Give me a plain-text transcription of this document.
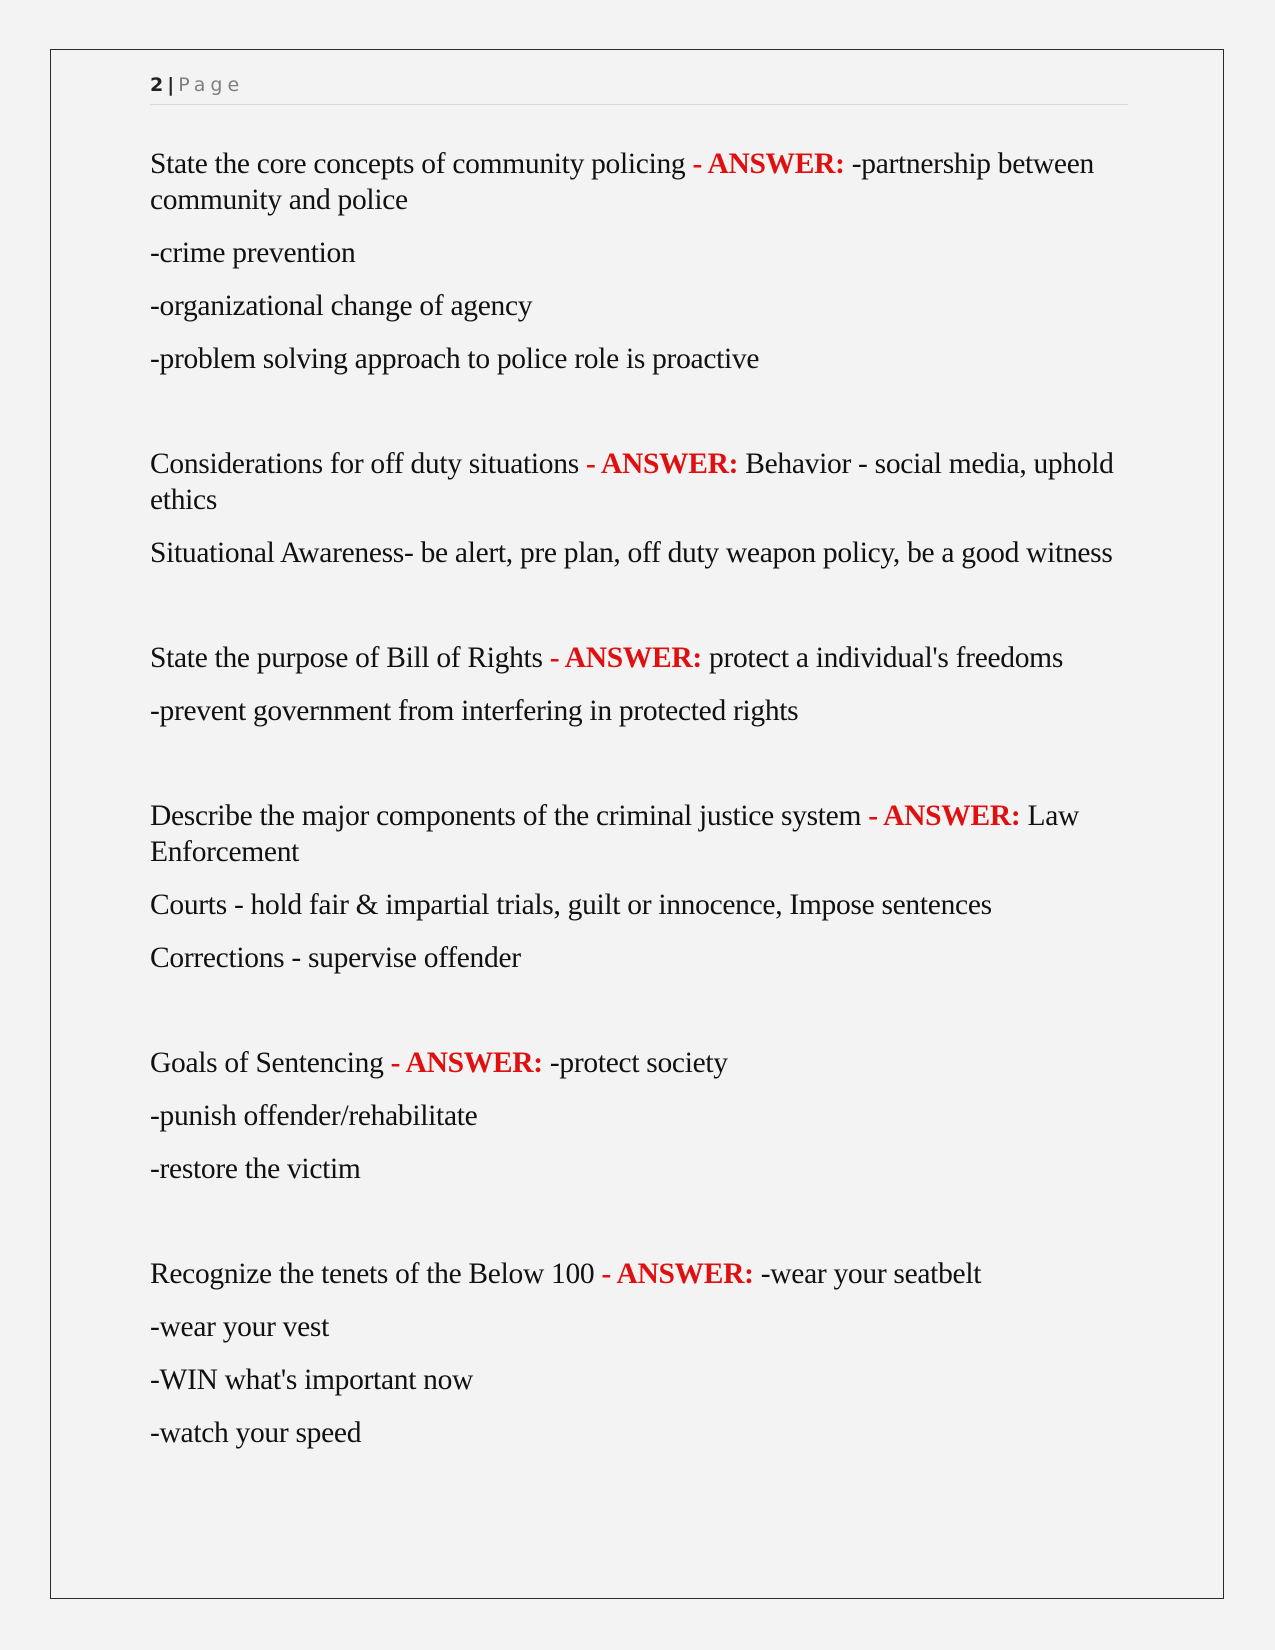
2 | Page

State the core concepts of community policing - ANSWER: -partnership between community and police

-crime prevention

-organizational change of agency

-problem solving approach to police role is proactive

Considerations for off duty situations - ANSWER: Behavior - social media, uphold ethics

Situational Awareness- be alert, pre plan, off duty weapon policy, be a good witness

State the purpose of Bill of Rights - ANSWER: protect a individual's freedoms

-prevent government from interfering in protected rights

Describe the major components of the criminal justice system - ANSWER: Law Enforcement

Courts - hold fair & impartial trials, guilt or innocence, Impose sentences

Corrections - supervise offender

Goals of Sentencing - ANSWER: -protect society

-punish offender/rehabilitate

-restore the victim

Recognize the tenets of the Below 100 - ANSWER: -wear your seatbelt

-wear your vest

-WIN what's important now

-watch your speed
